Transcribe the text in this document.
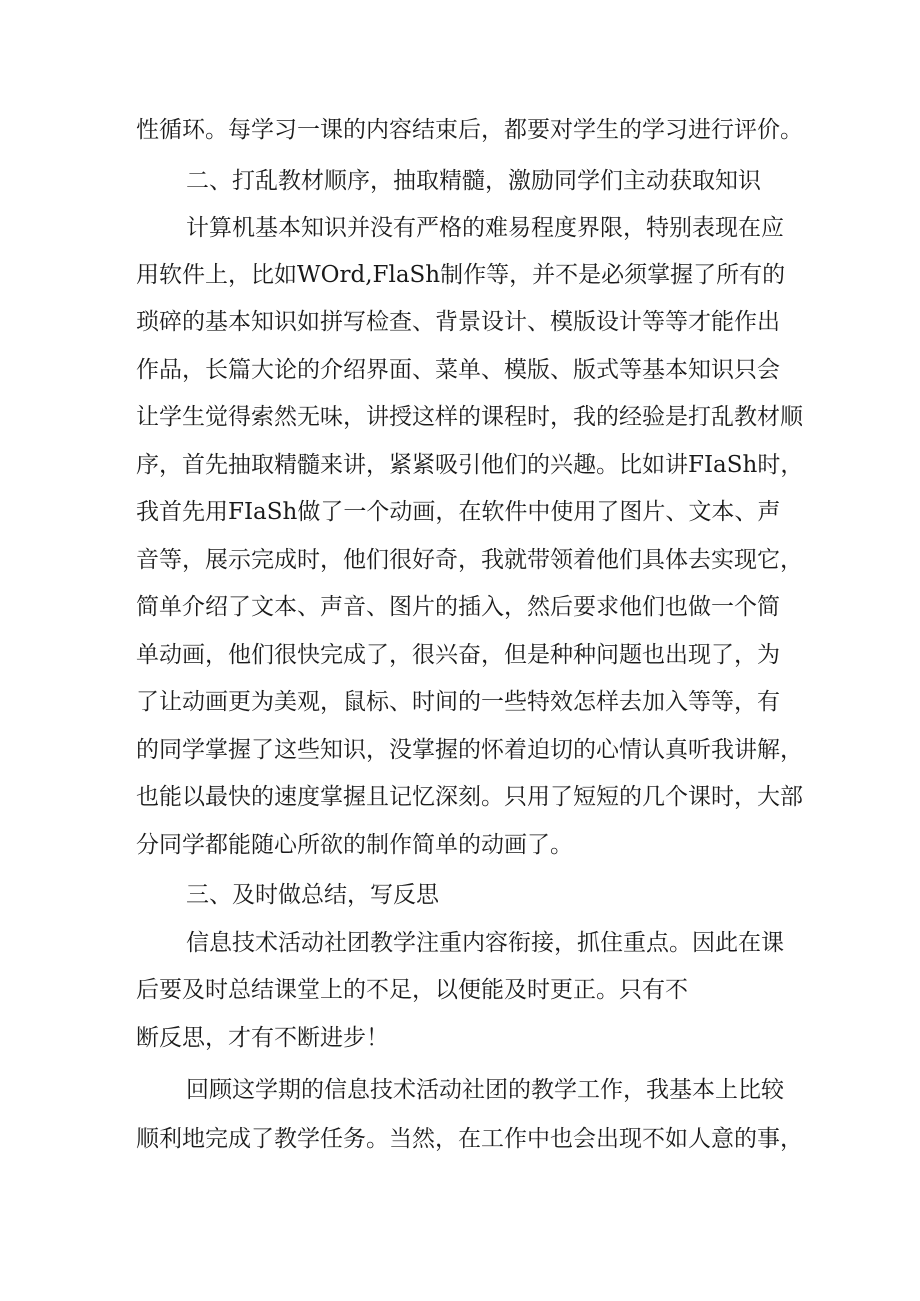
性循环。每学习一课的内容结束后，都要对学生的学习进行评价。
二、打乱教材顺序，抽取精髓，激励同学们主动获取知识
计算机基本知识并没有严格的难易程度界限，特别表现在应
用软件上，比如WOrd,FlaSh制作等，并不是必须掌握了所有的
琐碎的基本知识如拼写检查、背景设计、模版设计等等才能作出
作品，长篇大论的介绍界面、菜单、模版、版式等基本知识只会
让学生觉得索然无味，讲授这样的课程时，我的经验是打乱教材顺
序，首先抽取精髓来讲，紧紧吸引他们的兴趣。比如讲FIaSh时，
我首先用FIaSh做了一个动画，在软件中使用了图片、文本、声
音等，展示完成时，他们很好奇，我就带领着他们具体去实现它，
简单介绍了文本、声音、图片的插入，然后要求他们也做一个简
单动画，他们很快完成了，很兴奋，但是种种问题也出现了，为
了让动画更为美观，鼠标、时间的一些特效怎样去加入等等，有
的同学掌握了这些知识，没掌握的怀着迫切的心情认真听我讲解，
也能以最快的速度掌握且记忆深刻。只用了短短的几个课时，大部
分同学都能随心所欲的制作简单的动画了。
三、及时做总结，写反思
信息技术活动社团教学注重内容衔接，抓住重点。因此在课
后要及时总结课堂上的不足，以便能及时更正。只有不
断反思，才有不断进步！
回顾这学期的信息技术活动社团的教学工作，我基本上比较
顺利地完成了教学任务。当然，在工作中也会出现不如人意的事，
